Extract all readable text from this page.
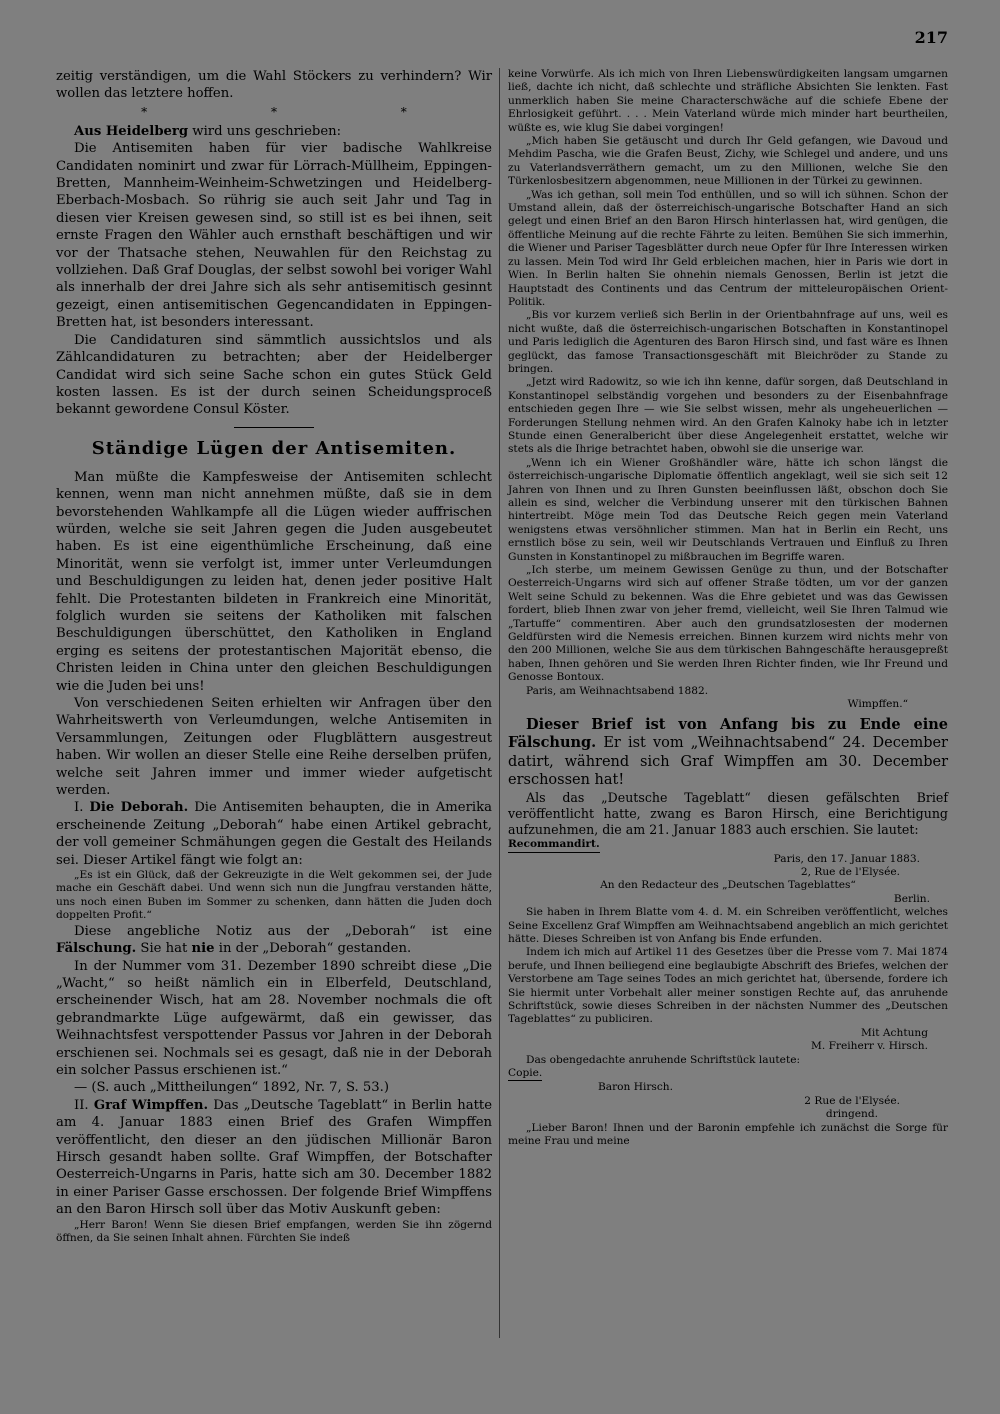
217

zeitig verständigen, um die Wahl Stöckers zu verhindern? Wir wollen das letztere hoffen.

* * *

Aus Heidelberg wird uns geschrieben:

Die Antisemiten haben für vier badische Wahlkreise Candidaten nominirt und zwar für Lörrach-Müllheim, Eppingen-Bretten, Mannheim-Weinheim-Schwetzingen und Heidelberg-Eberbach-Mosbach. So rührig sie auch seit Jahr und Tag in diesen vier Kreisen gewesen sind, so still ist es bei ihnen, seit ernste Fragen den Wähler auch ernsthaft beschäftigen und wir vor der Thatsache stehen, Neuwahlen für den Reichstag zu vollziehen. Daß Graf Douglas, der selbst sowohl bei voriger Wahl als innerhalb der drei Jahre sich als sehr antisemitisch gesinnt gezeigt, einen antisemitischen Gegencandidaten in Eppingen-Bretten hat, ist besonders interessant.

Die Candidaturen sind sämmtlich aussichtslos und als Zählcandidaturen zu betrachten; aber der Heidelberger Candidat wird sich seine Sache schon ein gutes Stück Geld kosten lassen. Es ist der durch seinen Scheidungsproceß bekannt gewordene Consul Köster.

Ständige Lügen der Antisemiten.

Man müßte die Kampfesweise der Antisemiten schlecht kennen, wenn man nicht annehmen müßte, daß sie in dem bevorstehenden Wahlkampfe all die Lügen wieder auffrischen würden, welche sie seit Jahren gegen die Juden ausgebeutet haben. Es ist eine eigenthümliche Erscheinung, daß eine Minorität, wenn sie verfolgt ist, immer unter Verleumdungen und Beschuldigungen zu leiden hat, denen jeder positive Halt fehlt. Die Protestanten bildeten in Frankreich eine Minorität, folglich wurden sie seitens der Katholiken mit falschen Beschuldigungen überschüttet, den Katholiken in England erging es seitens der protestantischen Majorität ebenso, die Christen leiden in China unter den gleichen Beschuldigungen wie die Juden bei uns!

Von verschiedenen Seiten erhielten wir Anfragen über den Wahrheitswerth von Verleumdungen, welche Antisemiten in Versammlungen, Zeitungen oder Flugblättern ausgestreut haben. Wir wollen an dieser Stelle eine Reihe derselben prüfen, welche seit Jahren immer und immer wieder aufgetischt werden.

I. Die Deborah. Die Antisemiten behaupten, die in Amerika erscheinende Zeitung „Deborah“ habe einen Artikel gebracht, der voll gemeiner Schmähungen gegen die Gestalt des Heilands sei. Dieser Artikel fängt wie folgt an:

„Es ist ein Glück, daß der Gekreuzigte in die Welt gekommen sei, der Jude mache ein Geschäft dabei. Und wenn sich nun die Jungfrau verstanden hätte, uns noch einen Buben im Sommer zu schenken, dann hätten die Juden doch doppelten Profit.“

Diese angebliche Notiz aus der „Deborah“ ist eine Fälschung. Sie hat nie in der „Deborah“ gestanden.

In der Nummer vom 31. Dezember 1890 schreibt diese „Die „Wacht,“ so heißt nämlich ein in Elberfeld, Deutschland, erscheinender Wisch, hat am 28. November nochmals die oft gebrandmarkte Lüge aufgewärmt, daß ein gewisser, das Weihnachtsfest verspottender Passus vor Jahren in der Deborah erschienen sei. Nochmals sei es gesagt, daß nie in der Deborah ein solcher Passus erschienen ist.“

— (S. auch „Mittheilungen“ 1892, Nr. 7, S. 53.)

II. Graf Wimpffen. Das „Deutsche Tageblatt“ in Berlin hatte am 4. Januar 1883 einen Brief des Grafen Wimpffen veröffentlicht, den dieser an den jüdischen Millionär Baron Hirsch gesandt haben sollte. Graf Wimpffen, der Botschafter Oesterreich-Ungarns in Paris, hatte sich am 30. December 1882 in einer Pariser Gasse erschossen. Der folgende Brief Wimpffens an den Baron Hirsch soll über das Motiv Auskunft geben:

„Herr Baron! Wenn Sie diesen Brief empfangen, werden Sie ihn zögernd öffnen, da Sie seinen Inhalt ahnen. Fürchten Sie indeß

keine Vorwürfe. Als ich mich von Ihren Liebenswürdigkeiten langsam umgarnen ließ, dachte ich nicht, daß schlechte und sträfliche Absichten Sie lenkten. Fast unmerklich haben Sie meine Characterschwäche auf die schiefe Ebene der Ehrlosigkeit geführt. . . . Mein Vaterland würde mich minder hart beurtheilen, wüßte es, wie klug Sie dabei vorgingen!

„Mich haben Sie getäuscht und durch Ihr Geld gefangen, wie Davoud und Mehdim Pascha, wie die Grafen Beust, Zichy, wie Schlegel und andere, und uns zu Vaterlandsverräthern gemacht, um zu den Millionen, welche Sie den Türkenlosbesitzern abgenommen, neue Millionen in der Türkei zu gewinnen.

„Was ich gethan, soll mein Tod enthüllen, und so will ich sühnen. Schon der Umstand allein, daß der österreichisch-ungarische Botschafter Hand an sich gelegt und einen Brief an den Baron Hirsch hinterlassen hat, wird genügen, die öffentliche Meinung auf die rechte Fährte zu leiten. Bemühen Sie sich immerhin, die Wiener und Pariser Tagesblätter durch neue Opfer für Ihre Interessen wirken zu lassen. Mein Tod wird Ihr Geld erbleichen machen, hier in Paris wie dort in Wien. In Berlin halten Sie ohnehin niemals Genossen, Berlin ist jetzt die Hauptstadt des Continents und das Centrum der mitteleuropäischen Orient-Politik.

„Bis vor kurzem verließ sich Berlin in der Orientbahnfrage auf uns, weil es nicht wußte, daß die österreichisch-ungarischen Botschaften in Konstantinopel und Paris lediglich die Agenturen des Baron Hirsch sind, und fast wäre es Ihnen geglückt, das famose Transactionsgeschäft mit Bleichröder zu Stande zu bringen.

„Jetzt wird Radowitz, so wie ich ihn kenne, dafür sorgen, daß Deutschland in Konstantinopel selbständig vorgehen und besonders zu der Eisenbahnfrage entschieden gegen Ihre — wie Sie selbst wissen, mehr als ungeheuerlichen — Forderungen Stellung nehmen wird. An den Grafen Kalnoky habe ich in letzter Stunde einen Generalbericht über diese Angelegenheit erstattet, welche wir stets als die Ihrige betrachtet haben, obwohl sie die unserige war.

„Wenn ich ein Wiener Großhändler wäre, hätte ich schon längst die österreichisch-ungarische Diplomatie öffentlich angeklagt, weil sie sich seit 12 Jahren von Ihnen und zu Ihren Gunsten beeinflussen läßt, obschon doch Sie allein es sind, welcher die Verbindung unserer mit den türkischen Bahnen hintertreibt. Möge mein Tod das Deutsche Reich gegen mein Vaterland wenigstens etwas versöhnlicher stimmen. Man hat in Berlin ein Recht, uns ernstlich böse zu sein, weil wir Deutschlands Vertrauen und Einfluß zu Ihren Gunsten in Konstantinopel zu mißbrauchen im Begriffe waren.

„Ich sterbe, um meinem Gewissen Genüge zu thun, und der Botschafter Oesterreich-Ungarns wird sich auf offener Straße tödten, um vor der ganzen Welt seine Schuld zu bekennen. Was die Ehre gebietet und was das Gewissen fordert, blieb Ihnen zwar von jeher fremd, vielleicht, weil Sie Ihren Talmud wie „Tartuffe“ commentiren. Aber auch den grundsatzlosesten der modernen Geldfürsten wird die Nemesis erreichen. Binnen kurzem wird nichts mehr von den 200 Millionen, welche Sie aus dem türkischen Bahngeschäfte herausgepreßt haben, Ihnen gehören und Sie werden Ihren Richter finden, wie Ihr Freund und Genosse Bontoux.

Paris, am Weihnachtsabend 1882.

Wimpffen.“

Dieser Brief ist von Anfang bis zu Ende eine Fälschung. Er ist vom „Weihnachtsabend“ 24. December datirt, während sich Graf Wimpffen am 30. December erschossen hat!

Als das „Deutsche Tageblatt“ diesen gefälschten Brief veröffentlicht hatte, zwang es Baron Hirsch, eine Berichtigung aufzunehmen, die am 21. Januar 1883 auch erschien. Sie lautet:

Recommandirt.

Paris, den 17. Januar 1883.

2, Rue de l'Elysée.

An den Redacteur des „Deutschen Tageblattes“

Berlin.

Sie haben in Ihrem Blatte vom 4. d. M. ein Schreiben veröffentlicht, welches Seine Excellenz Graf Wimpffen am Weihnachtsabend angeblich an mich gerichtet hätte. Dieses Schreiben ist von Anfang bis Ende erfunden.

Indem ich mich auf Artikel 11 des Gesetzes über die Presse vom 7. Mai 1874 berufe, und Ihnen beiliegend eine beglaubigte Abschrift des Briefes, welchen der Verstorbene am Tage seines Todes an mich gerichtet hat, übersende, fordere ich Sie hiermit unter Vorbehalt aller meiner sonstigen Rechte auf, das anruhende Schriftstück, sowie dieses Schreiben in der nächsten Nummer des „Deutschen Tageblattes“ zu publiciren.

Mit Achtung

M. Freiherr v. Hirsch.

Das obengedachte anruhende Schriftstück lautete:

Copie.

Baron Hirsch.

2 Rue de l'Elysée.

dringend.

„Lieber Baron! Ihnen und der Baronin empfehle ich zunächst die Sorge für meine Frau und meine
